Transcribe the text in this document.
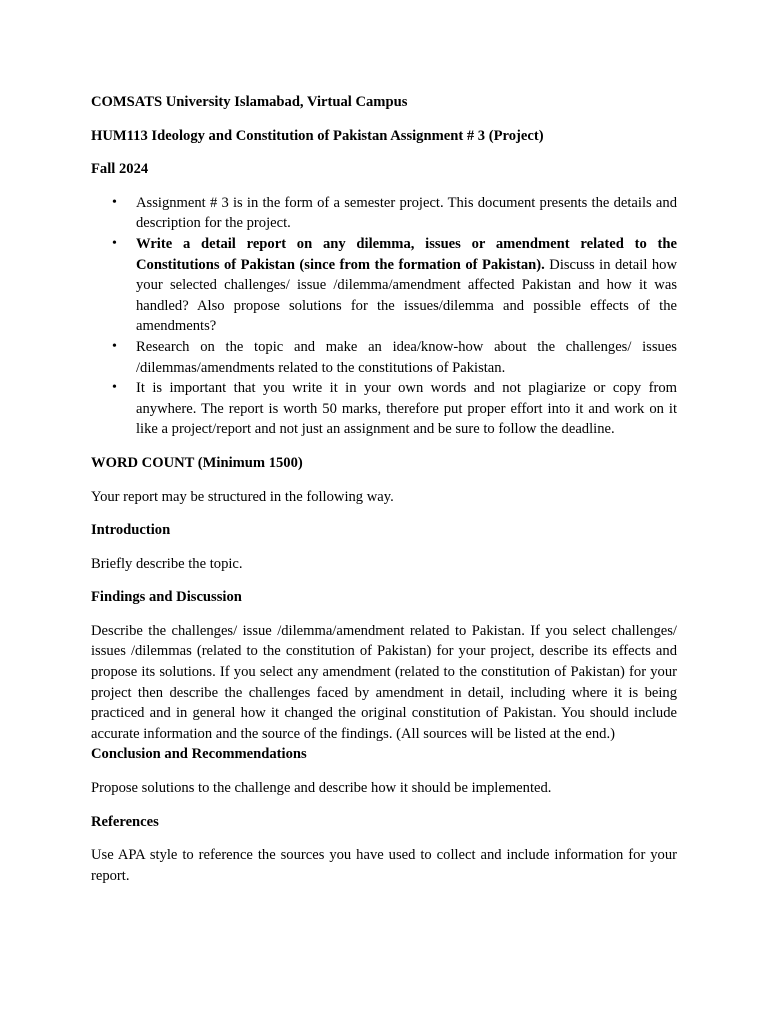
COMSATS University Islamabad, Virtual Campus

HUM113 Ideology and Constitution of Pakistan Assignment # 3 (Project)

Fall 2024

• Assignment # 3 is in the form of a semester project. This document presents the details and description for the project.
• Write a detail report on any dilemma, issues or amendment related to the Constitutions of Pakistan (since from the formation of Pakistan). Discuss in detail how your selected challenges/ issue /dilemma/amendment affected Pakistan and how it was handled? Also propose solutions for the issues/dilemma and possible effects of the amendments?
• Research on the topic and make an idea/know-how about the challenges/ issues /dilemmas/amendments related to the constitutions of Pakistan.
• It is important that you write it in your own words and not plagiarize or copy from anywhere. The report is worth 50 marks, therefore put proper effort into it and work on it like a project/report and not just an assignment and be sure to follow the deadline.

WORD COUNT (Minimum 1500)

Your report may be structured in the following way.

Introduction

Briefly describe the topic.

Findings and Discussion

Describe the challenges/ issue /dilemma/amendment related to Pakistan. If you select challenges/ issues /dilemmas (related to the constitution of Pakistan) for your project, describe its effects and propose its solutions. If you select any amendment (related to the constitution of Pakistan) for your project then describe the challenges faced by amendment in detail, including where it is being practiced and in general how it changed the original constitution of Pakistan. You should include accurate information and the source of the findings. (All sources will be listed at the end.)

Conclusion and Recommendations

Propose solutions to the challenge and describe how it should be implemented.

References

Use APA style to reference the sources you have used to collect and include information for your report.
